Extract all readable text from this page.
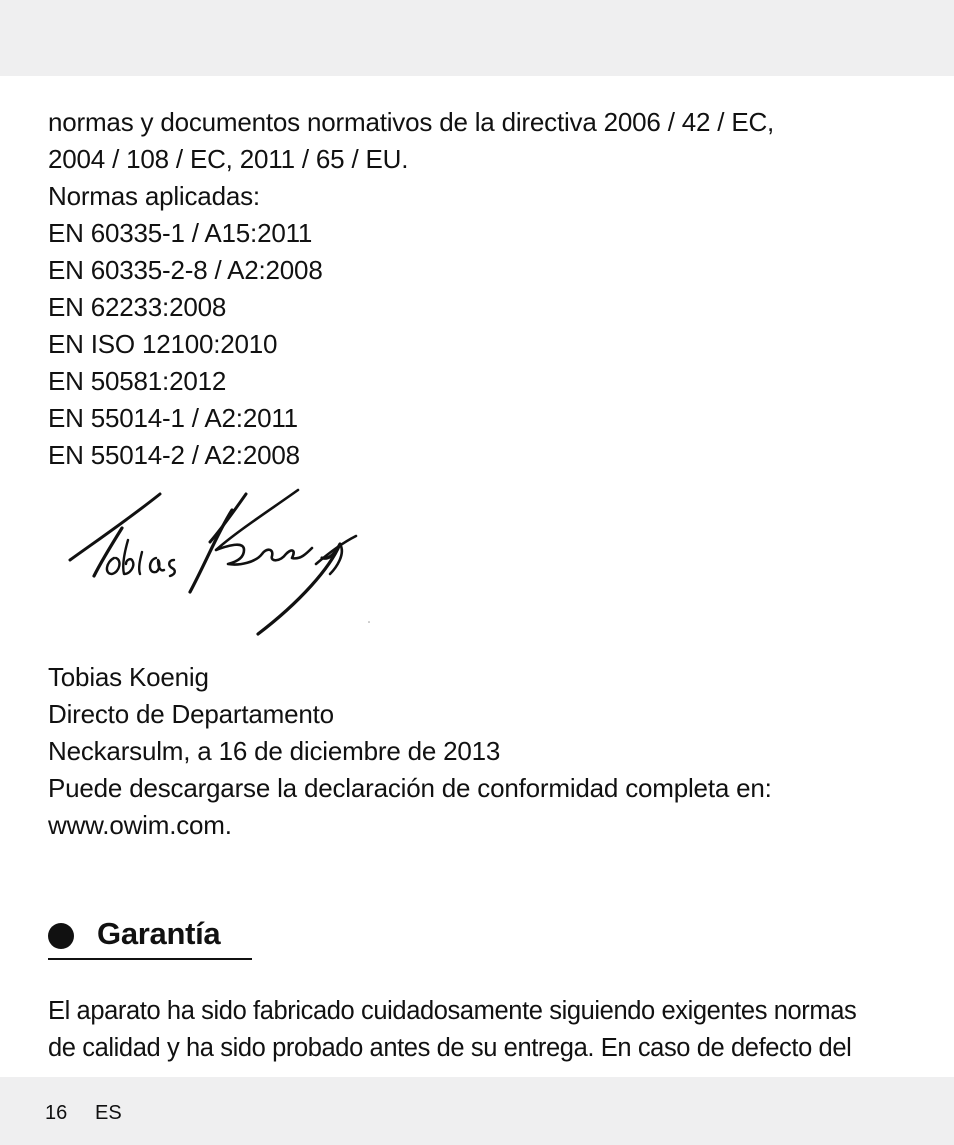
normas y documentos normativos de la directiva 2006 / 42 / EC,
2004 / 108 / EC, 2011 / 65 / EU.
Normas aplicadas:
EN 60335-1 / A15:2011
EN 60335-2-8 / A2:2008
EN 62233:2008
EN ISO 12100:2010
EN 50581:2012
EN 55014-1 / A2:2011
EN 55014-2 / A2:2008
Tobias Koenig
Directo de Departamento
Neckarsulm, a 16 de diciembre de 2013
Puede descargarse la declaración de conformidad completa en:
www.owim.com.
Garantía
El aparato ha sido fabricado cuidadosamente siguiendo exigentes normas
de calidad y ha sido probado antes de su entrega. En caso de defecto del
16 ES
